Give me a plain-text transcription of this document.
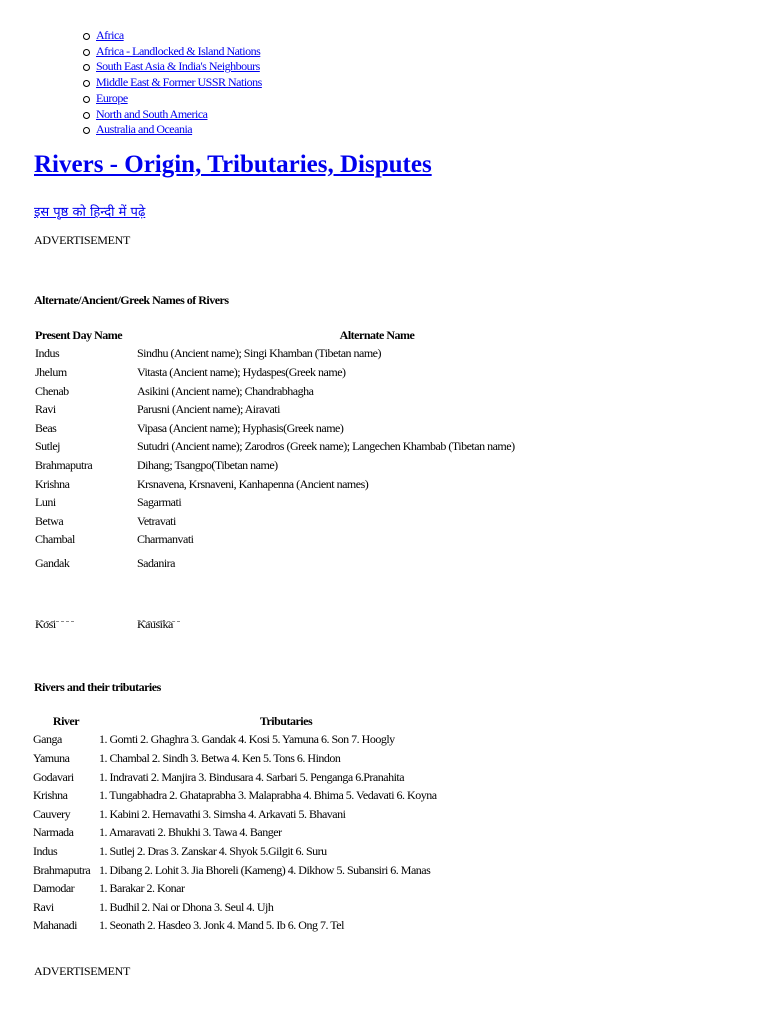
Africa
Africa - Landlocked & Island Nations
South East Asia & India's Neighbours
Middle East & Former USSR Nations
Europe
North and South America
Australia and Oceania
Rivers - Origin, Tributaries, Disputes
इस पृष्ठ को हिन्दी में पढ़े
ADVERTISEMENT
Alternate/Ancient/Greek Names of Rivers
Present Day Name	Alternate Name
Indus	Sindhu (Ancient name); Singi Khamban (Tibetan name)
Jhelum	Vitasta (Ancient name); Hydaspes(Greek name)
Chenab	Asikini (Ancient name); Chandrabhagha
Ravi	Parusni (Ancient name); Airavati
Beas	Vipasa (Ancient name); Hyphasis(Greek name)
Sutlej	Sutudri (Ancient name); Zarodros (Greek name); Langechen Khambab (Tibetan name)
Brahmaputra	Dihang; Tsangpo(Tibetan name)
Krishna	Krsnavena, Krsnaveni, Kanhapenna (Ancient names)
Luni	Sagarmati
Betwa	Vetravati
Chambal	Charmanvati
Gandak	Sadanira
Kosi	Kausika
Rivers and their tributaries
River	Tributaries
Ganga	1. Gomti 2. Ghaghra 3. Gandak 4. Kosi 5. Yamuna 6. Son 7. Hoogly
Yamuna	1. Chambal 2. Sindh 3. Betwa 4. Ken 5. Tons 6. Hindon
Godavari	1. Indravati 2. Manjira 3. Bindusara 4. Sarbari 5. Penganga 6.Pranahita
Krishna	1. Tungabhadra 2. Ghataprabha 3. Malaprabha 4. Bhima 5. Vedavati 6. Koyna
Cauvery	1. Kabini 2. Hemavathi 3. Simsha 4. Arkavati 5. Bhavani
Narmada	1. Amaravati 2. Bhukhi 3. Tawa 4. Banger
Indus	1. Sutlej 2. Dras 3. Zanskar 4. Shyok 5.Gilgit 6. Suru
Brahmaputra	1. Dibang 2. Lohit 3. Jia Bhoreli (Kameng) 4. Dikhow 5. Subansiri 6. Manas
Damodar	1. Barakar 2. Konar
Ravi	1. Budhil 2. Nai or Dhona 3. Seul 4. Ujh
Mahanadi	1. Seonath 2. Hasdeo 3. Jonk 4. Mand 5. Ib 6. Ong 7. Tel
ADVERTISEMENT
